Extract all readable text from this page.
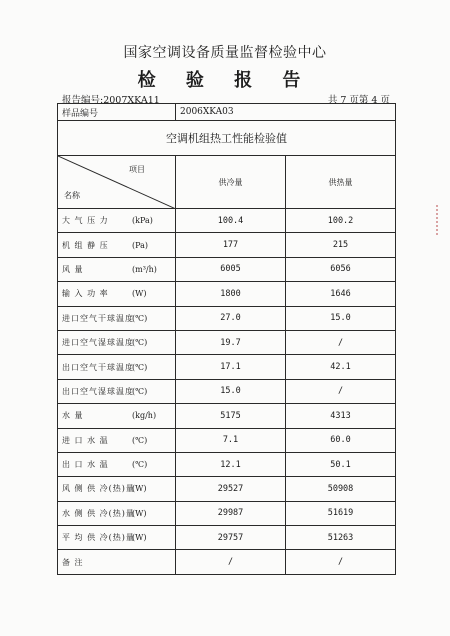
国家空调设备质量监督检验中心
检 验 报 告
报告编号:2007XKA11	共 7 页第 4 页
样品编号	2006XKA03	
空调机组热工性能检验值		

项目
名称	供冷量	供热量
大 气 压 力 (kPa)	100.4	100.2
机 组 静 压 (Pa)	177	215
风 量 (m³/h)	6005	6056
输 入 功 率 (W)	1800	1646
进口空气干球温度(℃)	27.0	15.0
进口空气湿球温度(℃)	19.7	/
出口空气干球温度(℃)	17.1	42.1
出口空气湿球温度(℃)	15.0	/
水 量 (kg/h)	5175	4313
进 口 水 温 (℃)	7.1	60.0
出 口 水 温 (℃)	12.1	50.1
风 侧 供 冷(热)量(W)	29527	50908
水 侧 供 冷(热)量(W)	29987	51619
平 均 供 冷(热)量(W)	29757	51263
备 注	/	/
